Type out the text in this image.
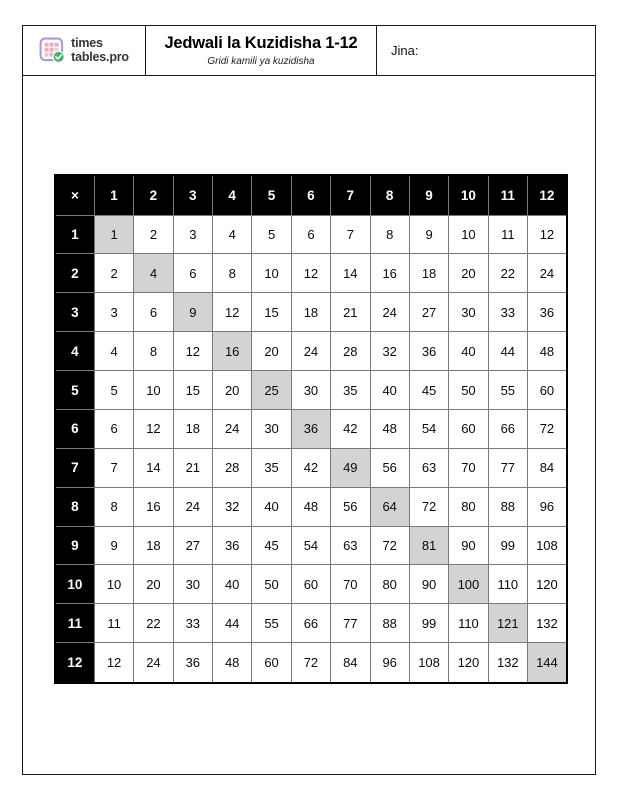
times
tables.pro
Jedwali la Kuzidisha 1-12
Gridi kamili ya kuzidisha
Jina:
×	1	2	3	4	5	6	7	8	9	10	11	12
1	1	2	3	4	5	6	7	8	9	10	11	12
2	2	4	6	8	10	12	14	16	18	20	22	24
3	3	6	9	12	15	18	21	24	27	30	33	36
4	4	8	12	16	20	24	28	32	36	40	44	48
5	5	10	15	20	25	30	35	40	45	50	55	60
6	6	12	18	24	30	36	42	48	54	60	66	72
7	7	14	21	28	35	42	49	56	63	70	77	84
8	8	16	24	32	40	48	56	64	72	80	88	96
9	9	18	27	36	45	54	63	72	81	90	99	108
10	10	20	30	40	50	60	70	80	90	100	110	120
11	11	22	33	44	55	66	77	88	99	110	121	132
12	12	24	36	48	60	72	84	96	108	120	132	144
